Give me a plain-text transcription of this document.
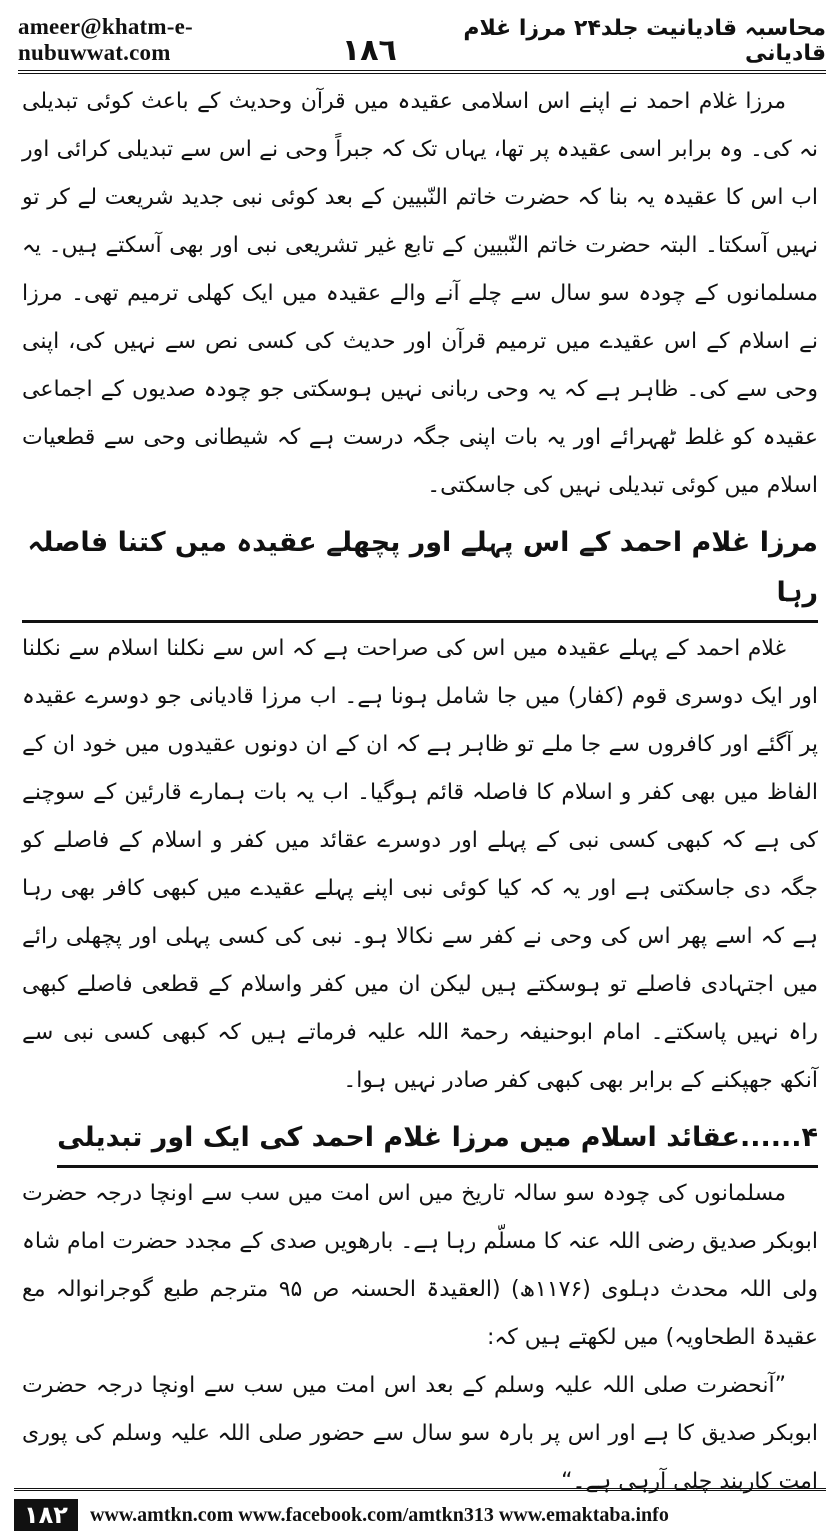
ameer@khatm-e-nubuwwat.com	١٨٦
محاسبہ قادیانیت جلد۲۴ مرزا غلام قادیانی

مرزا غلام احمد نے اپنے اس اسلامی عقیدہ میں قرآن وحدیث کے باعث کوئی تبدیلی نہ کی۔ وہ برابر اسی عقیدہ پر تھا، یہاں تک کہ جبراً وحی نے اس سے تبدیلی کرائی اور اب اس کا عقیدہ یہ بنا کہ حضرت خاتم النّبیین کے بعد کوئی نبی جدید شریعت لے کر تو نہیں آسکتا۔ البتہ حضرت خاتم النّبیین کے تابع غیر تشریعی نبی اور بھی آسکتے ہیں۔ یہ مسلمانوں کے چودہ سو سال سے چلے آنے والے عقیدہ میں ایک کھلی ترمیم تھی۔ مرزا نے اسلام کے اس عقیدے میں ترمیم قرآن اور حدیث کی کسی نص سے نہیں کی، اپنی وحی سے کی۔ ظاہر ہے کہ یہ وحی ربانی نہیں ہوسکتی جو چودہ صدیوں کے اجماعی عقیدہ کو غلط ٹھہرائے اور یہ بات اپنی جگہ درست ہے کہ شیطانی وحی سے قطعیات اسلام میں کوئی تبدیلی نہیں کی جاسکتی۔

مرزا غلام احمد کے اس پہلے اور پچھلے عقیدہ میں کتنا فاصلہ رہا

غلام احمد کے پہلے عقیدہ میں اس کی صراحت ہے کہ اس سے نکلنا اسلام سے نکلنا اور ایک دوسری قوم (کفار) میں جا شامل ہونا ہے۔ اب مرزا قادیانی جو دوسرے عقیدہ پر آگئے اور کافروں سے جا ملے تو ظاہر ہے کہ ان کے ان دونوں عقیدوں میں خود ان کے الفاظ میں بھی کفر و اسلام کا فاصلہ قائم ہوگیا۔ اب یہ بات ہمارے قارئین کے سوچنے کی ہے کہ کبھی کسی نبی کے پہلے اور دوسرے عقائد میں کفر و اسلام کے فاصلے کو جگہ دی جاسکتی ہے اور یہ کہ کیا کوئی نبی اپنے پہلے عقیدے میں کبھی کافر بھی رہا ہے کہ اسے پھر اس کی وحی نے کفر سے نکالا ہو۔ نبی کی کسی پہلی اور پچھلی رائے میں اجتہادی فاصلے تو ہوسکتے ہیں لیکن ان میں کفر واسلام کے قطعی فاصلے کبھی راہ نہیں پاسکتے۔ امام ابوحنیفہ رحمۃ اللہ علیہ فرماتے ہیں کہ کبھی کسی نبی سے آنکھ جھپکنے کے برابر بھی کبھی کفر صادر نہیں ہوا۔

۴......عقائد اسلام میں مرزا غلام احمد کی ایک اور تبدیلی

مسلمانوں کی چودہ سو سالہ تاریخ میں اس امت میں سب سے اونچا درجہ حضرت ابوبکر صدیق رضی اللہ عنہ کا مسلّم رہا ہے۔ بارھویں صدی کے مجدد حضرت امام شاہ ولی اللہ محدث دہلوی (۱۱۷۶ھ) (العقیدۃ الحسنہ ص ۹۵ مترجم طبع گوجرانوالہ مع عقیدۃ الطحاویہ) میں لکھتے ہیں کہ:

”آنحضرت صلی اللہ علیہ وسلم کے بعد اس امت میں سب سے اونچا درجہ حضرت ابوبکر صدیق کا ہے اور اس پر بارہ سو سال سے حضور صلی اللہ علیہ وسلم کی پوری امت کاربند چلی آرہی ہے۔“

١٨٢	www.amtkn.com www.facebook.com/amtkn313 www.emaktaba.info
